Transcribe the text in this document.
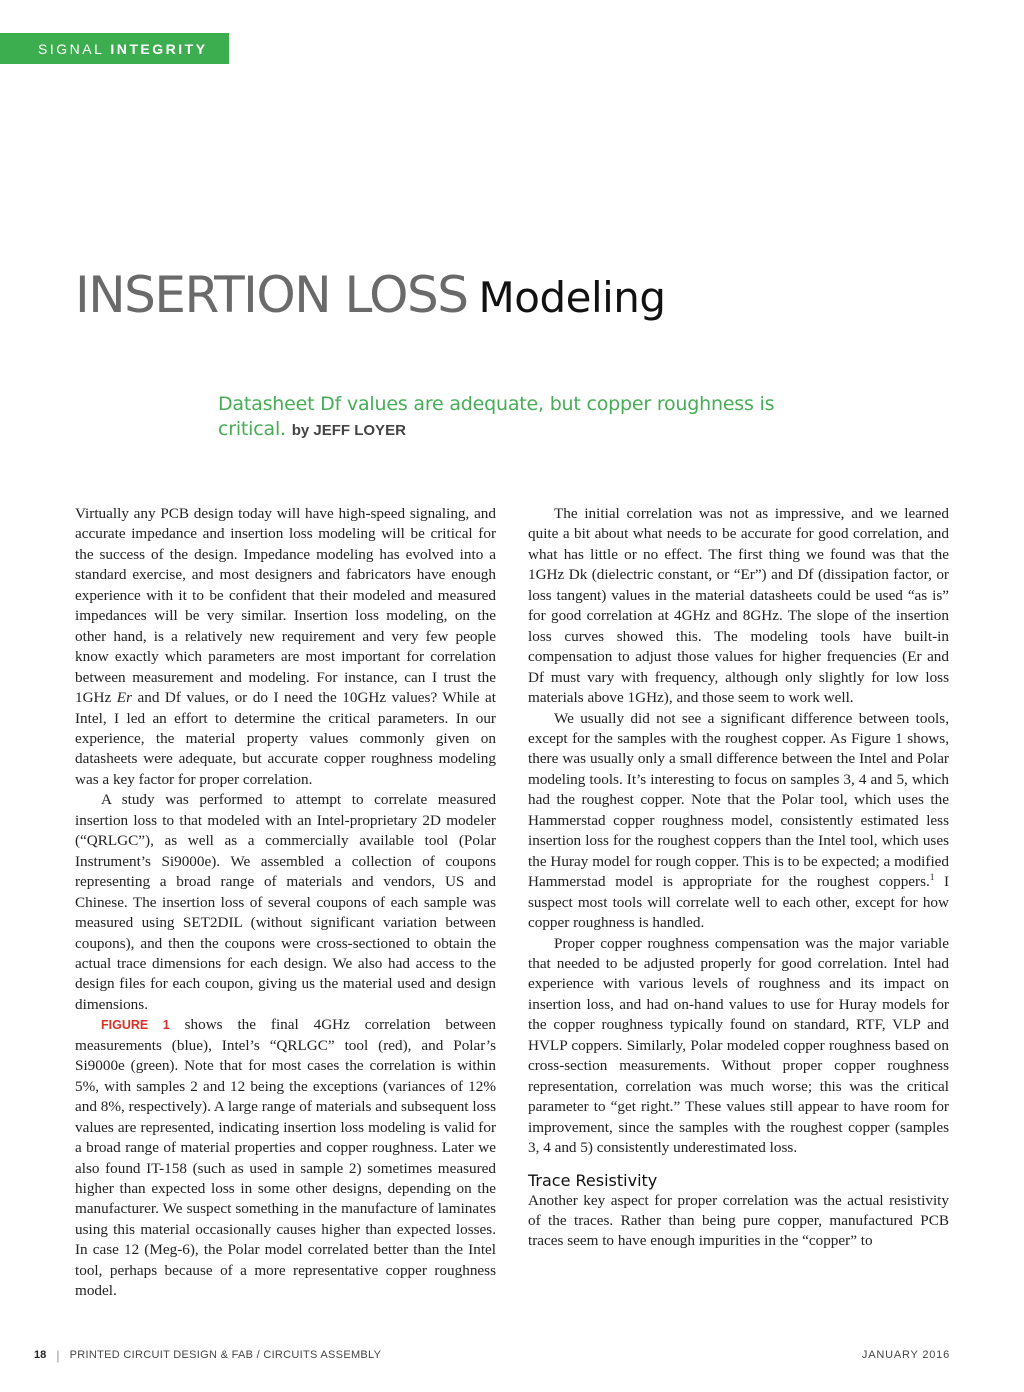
SIGNAL INTEGRITY
INSERTION LOSS Modeling
Datasheet Df values are adequate, but copper roughness is critical. by JEFF LOYER

Virtually any PCB design today will have high-speed signaling, and accurate impedance and insertion loss modeling will be critical for the success of the design. Impedance modeling has evolved into a standard exercise, and most designers and fabricators have enough experience with it to be confident that their modeled and measured impedances will be very similar. Insertion loss modeling, on the other hand, is a relatively new requirement and very few people know exactly which parameters are most important for correlation between measurement and modeling. For instance, can I trust the 1GHz Er and Df values, or do I need the 10GHz values? While at Intel, I led an effort to determine the critical parameters. In our experience, the material property values commonly given on datasheets were adequate, but accurate copper roughness modeling was a key factor for proper correlation.

A study was performed to attempt to correlate measured insertion loss to that modeled with an Intel-proprietary 2D modeler (“QRLGC”), as well as a commercially available tool (Polar Instrument’s Si9000e). We assembled a collection of coupons representing a broad range of materials and vendors, US and Chinese. The insertion loss of several coupons of each sample was measured using SET2DIL (without significant variation between coupons), and then the coupons were cross-sectioned to obtain the actual trace dimensions for each design. We also had access to the design files for each coupon, giving us the material used and design dimensions.

FIGURE 1 shows the final 4GHz correlation between measurements (blue), Intel’s “QRLGC” tool (red), and Polar’s Si9000e (green). Note that for most cases the correlation is within 5%, with samples 2 and 12 being the exceptions (variances of 12% and 8%, respectively). A large range of materials and subsequent loss values are represented, indicating insertion loss modeling is valid for a broad range of material properties and copper roughness. Later we also found IT-158 (such as used in sample 2) sometimes measured higher than expected loss in some other designs, depending on the manufacturer. We suspect something in the manufacture of laminates using this material occasionally causes higher than expected losses. In case 12 (Meg-6), the Polar model correlated better than the Intel tool, perhaps because of a more representative copper roughness model.

The initial correlation was not as impressive, and we learned quite a bit about what needs to be accurate for good correlation, and what has little or no effect. The first thing we found was that the 1GHz Dk (dielectric constant, or “Er”) and Df (dissipation factor, or loss tangent) values in the material datasheets could be used “as is” for good correlation at 4GHz and 8GHz. The slope of the insertion loss curves showed this. The modeling tools have built-in compensation to adjust those values for higher frequencies (Er and Df must vary with frequency, although only slightly for low loss materials above 1GHz), and those seem to work well.

We usually did not see a significant difference between tools, except for the samples with the roughest copper. As Figure 1 shows, there was usually only a small difference between the Intel and Polar modeling tools. It’s interesting to focus on samples 3, 4 and 5, which had the roughest copper. Note that the Polar tool, which uses the Hammerstad copper roughness model, consistently estimated less insertion loss for the roughest coppers than the Intel tool, which uses the Huray model for rough copper. This is to be expected; a modified Hammerstad model is appropriate for the roughest coppers.$^1$ I suspect most tools will correlate well to each other, except for how copper roughness is handled.

Proper copper roughness compensation was the major variable that needed to be adjusted properly for good correlation. Intel had experience with various levels of roughness and its impact on insertion loss, and had on-hand values to use for Huray models for the copper roughness typically found on standard, RTF, VLP and HVLP coppers. Similarly, Polar modeled copper roughness based on cross-section measurements. Without proper copper roughness representation, correlation was much worse; this was the critical parameter to “get right.” These values still appear to have room for improvement, since the samples with the roughest copper (samples 3, 4 and 5) consistently underestimated loss.

Trace Resistivity

Another key aspect for proper correlation was the actual resistivity of the traces. Rather than being pure copper, manufactured PCB traces seem to have enough impurities in the “copper” to

18 | PRINTED CIRCUIT DESIGN & FAB / CIRCUITS ASSEMBLY	JANUARY 2016
